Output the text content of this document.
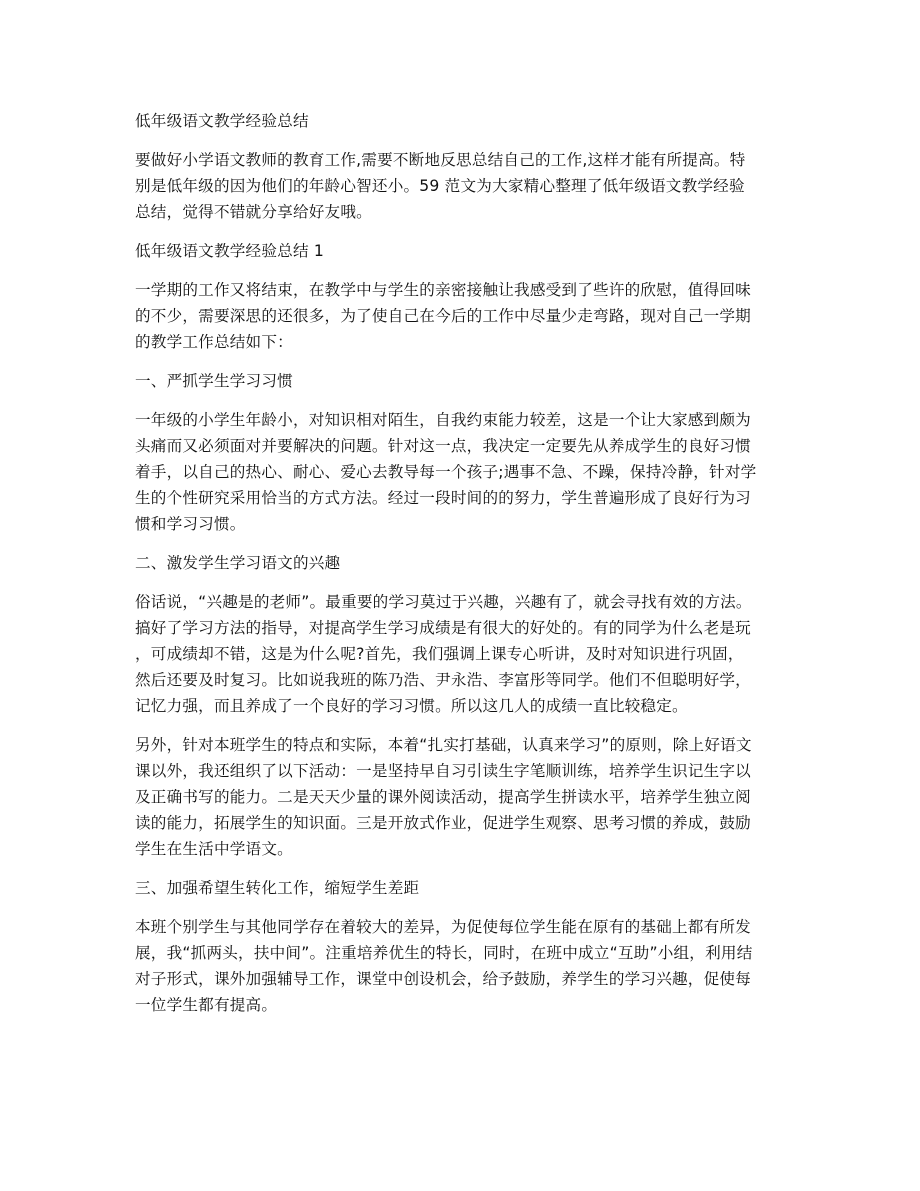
低年级语文教学经验总结
要做好小学语文教师的教育工作,需要不断地反思总结自己的工作,这样才能有所提高。特
别是低年级的因为他们的年龄心智还小。59 范文为大家精心整理了低年级语文教学经验
总结，觉得不错就分享给好友哦。
低年级语文教学经验总结 1
一学期的工作又将结束，在教学中与学生的亲密接触让我感受到了些许的欣慰，值得回味
的不少，需要深思的还很多，为了使自己在今后的工作中尽量少走弯路，现对自己一学期
的教学工作总结如下：
一、严抓学生学习习惯
一年级的小学生年龄小，对知识相对陌生，自我约束能力较差，这是一个让大家感到颇为
头痛而又必须面对并要解决的问题。针对这一点，我决定一定要先从养成学生的良好习惯
着手，以自己的热心、耐心、爱心去教导每一个孩子;遇事不急、不躁，保持冷静，针对学
生的个性研究采用恰当的方式方法。经过一段时间的的努力，学生普遍形成了良好行为习
惯和学习习惯。
二、激发学生学习语文的兴趣
俗话说，“兴趣是的老师”。最重要的学习莫过于兴趣，兴趣有了，就会寻找有效的方法。
搞好了学习方法的指导，对提高学生学习成绩是有很大的好处的。有的同学为什么老是玩
，可成绩却不错，这是为什么呢?首先，我们强调上课专心听讲，及时对知识进行巩固，
然后还要及时复习。比如说我班的陈乃浩、尹永浩、李富彤等同学。他们不但聪明好学，
记忆力强，而且养成了一个良好的学习习惯。所以这几人的成绩一直比较稳定。
另外，针对本班学生的特点和实际，本着“扎实打基础，认真来学习”的原则，除上好语文
课以外，我还组织了以下活动：一是坚持早自习引读生字笔顺训练，培养学生识记生字以
及正确书写的能力。二是天天少量的课外阅读活动，提高学生拼读水平，培养学生独立阅
读的能力，拓展学生的知识面。三是开放式作业，促进学生观察、思考习惯的养成，鼓励
学生在生活中学语文。
三、加强希望生转化工作，缩短学生差距
本班个别学生与其他同学存在着较大的差异，为促使每位学生能在原有的基础上都有所发
展，我“抓两头，扶中间”。注重培养优生的特长，同时，在班中成立“互助”小组，利用结
对子形式，课外加强辅导工作，课堂中创设机会，给予鼓励，养学生的学习兴趣，促使每
一位学生都有提高。
